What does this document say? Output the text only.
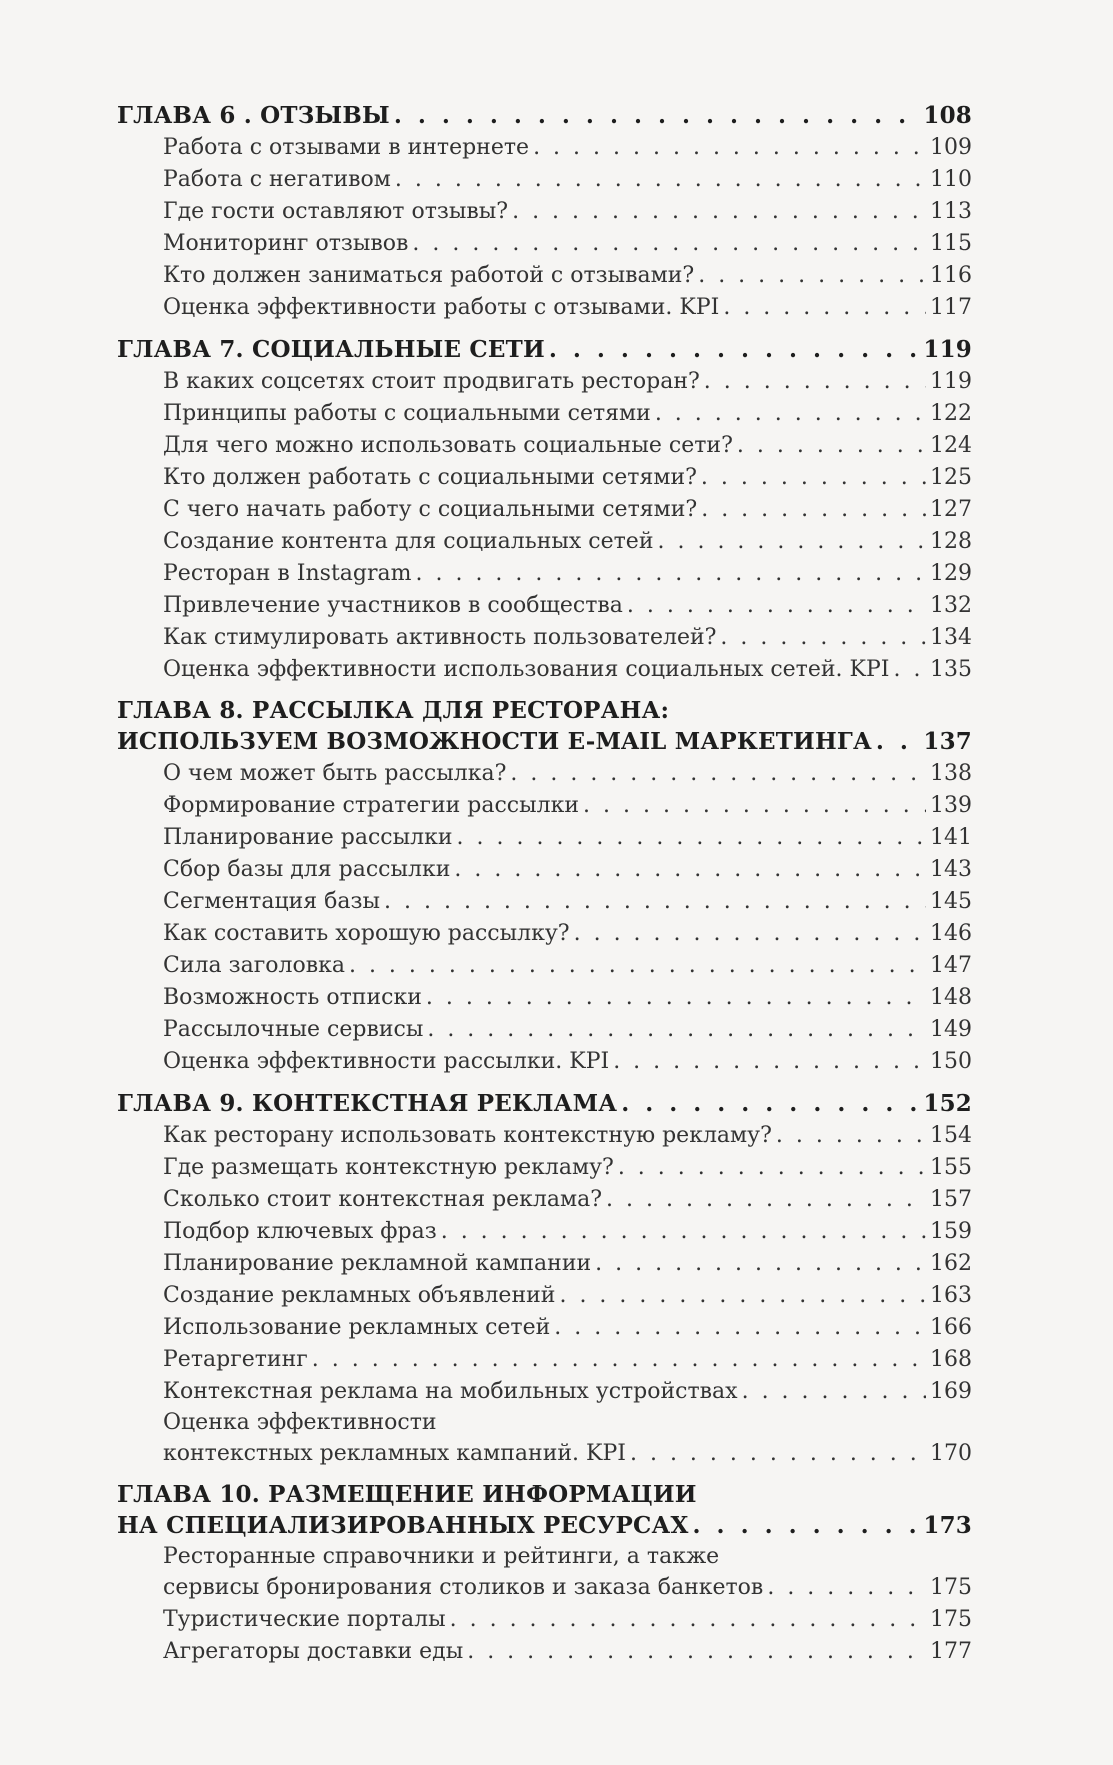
ГЛАВА 6 . ОТЗЫВЫ . . .	108
Работа с отзывами в интернете . . .	109
Работа с негативом . . .	110
Где гости оставляют отзывы? . . .	113
Мониторинг отзывов . . .	115
Кто должен заниматься работой с отзывами? . . .	116
Оценка эффективности работы с отзывами. KPI . . .	117
ГЛАВА 7. СОЦИАЛЬНЫЕ СЕТИ . . .	119
В каких соцсетях стоит продвигать ресторан? . . .	119
Принципы работы с социальными сетями . . .	122
Для чего можно использовать социальные сети? . . .	124
Кто должен работать с социальными сетями? . . .	125
С чего начать работу с социальными сетями? . . .	127
Создание контента для социальных сетей . . .	128
Ресторан в Instagram . . .	129
Привлечение участников в сообщества . . .	132
Как стимулировать активность пользователей? . . .	134
Оценка эффективности использования социальных сетей. KPI . . . 135
ГЛАВА 8. РАССЫЛКА ДЛЯ РЕСТОРАНА:
ИСПОЛЬЗУЕМ ВОЗМОЖНОСТИ E-MAIL МАРКЕТИНГА . . . 137
О чем может быть рассылка? . . .	138
Формирование стратегии рассылки . . .	139
Планирование рассылки . . .	141
Сбор базы для рассылки . . .	143
Сегментация базы . . .	145
Как составить хорошую рассылку? . . .	146
Сила заголовка . . .	147
Возможность отписки . . .	148
Рассылочные сервисы . . .	149
Оценка эффективности рассылки. KPI . . .	150
ГЛАВА 9. КОНТЕКСТНАЯ РЕКЛАМА . . .	152
Как ресторану использовать контекстную рекламу? . . .	154
Где размещать контекстную рекламу? . . .	155
Сколько стоит контекстная реклама? . . .	157
Подбор ключевых фраз . . .	159
Планирование рекламной кампании . . .	162
Создание рекламных объявлений . . .	163
Использование рекламных сетей . . .	166
Ретаргетинг . . .	168
Контекстная реклама на мобильных устройствах . . .	169
Оценка эффективности
контекстных рекламных кампаний. KPI . . .	170
ГЛАВА 10. РАЗМЕЩЕНИЕ ИНФОРМАЦИИ
НА СПЕЦИАЛИЗИРОВАННЫХ РЕСУРСАХ . . .	173
Ресторанные справочники и рейтинги, а также
сервисы бронирования столиков и заказа банкетов . . .	175
Туристические порталы . . .	175
Агрегаторы доставки еды . . .	177
